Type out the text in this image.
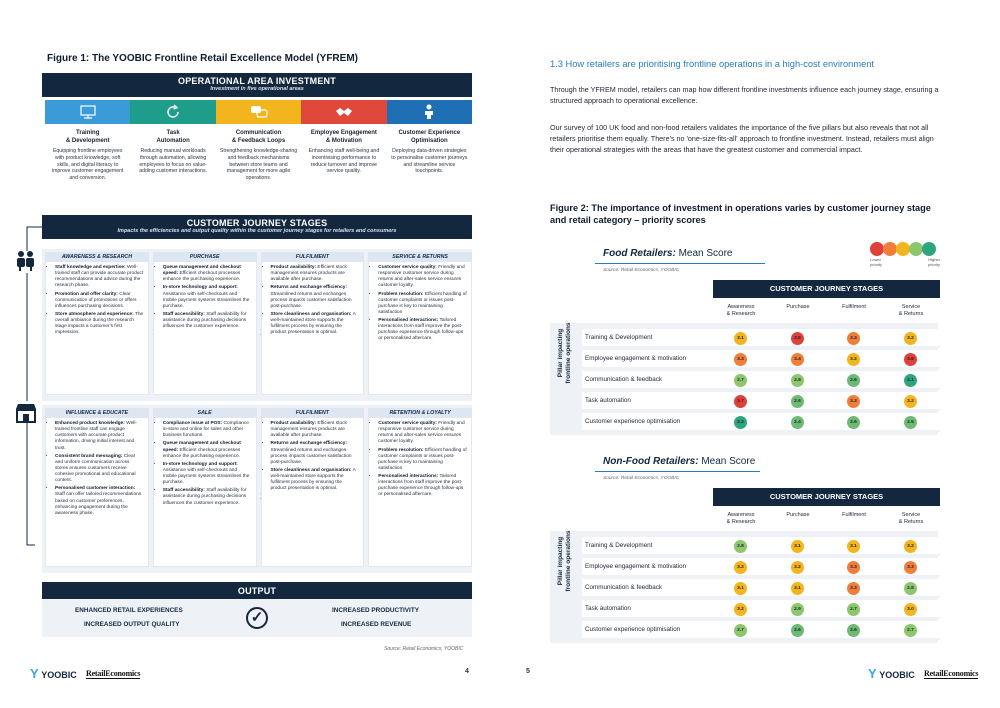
Figure 1: The YOOBIC Frontline Retail Excellence Model (YFREM)
OPERATIONAL AREA INVESTMENT
Investment in five operational areas
Training
& Development
Equipping frontline employees with product knowledge, soft skills, and digital literacy to improve customer engagement and conversion.
Task
Automation
Reducing manual workloads through automation, allowing employees to focus on value-adding customer interactions.
Communication
& Feedback Loops
Strengthening knowledge-sharing and feedback mechanisms between store teams and management for more agile operations.
Employee Engagement
& Motivation
Enhancing staff well-being and incentivising performance to reduce turnover and improve service quality.
Customer Experience
Optimisation
Deploying data-driven strategies to personalise customer journeys and streamline service touchpoints.
CUSTOMER JOURNEY STAGES
Impacts the efficiencies and output quality within the customer journey stages for retailers and consumers
AWARENESS & RESEARCH
• Staff knowledge and expertise: Well-trained staff can provide accurate product recommendations and advice during the research phase.
• Promotion and offer clarity: Clear communication of promotions or offers influences purchasing decisions.
• Store atmosphere and experience: The overall ambiance during the research stage impacts a customer's first impression.
PURCHASE
• Queue management and checkout speed: Efficient checkout processes enhance the purchasing experience.
• In-store technology and support: Assistance with self-checkouts and mobile payment systems streamlines the purchase.
• Staff accessibility: Staff availability for assistance during purchasing decisions influences the customer experience.
FULFILMENT
• Product availability: Efficient stock management ensures products are available after purchase.
• Returns and exchange efficiency: Streamlined returns and exchanges process impacts customer satisfaction post-purchase.
• Store cleanliness and organisation: A well-maintained store supports the fulfilment process by ensuring the product presentation is optimal.
SERVICE & RETURNS
• Customer service quality: Friendly and responsive customer service during returns and after-sales service ensures customer loyalty.
• Problem resolution: Efficient handling of customer complaints or issues post-purchase is key to maintaining satisfaction
• Personalised interactions: Tailored interactions from staff improve the post-purchase experience through follow-ups or personalised aftercare.
INFLUENCE & EDUCATE
• Enhanced product knowledge: Well-trained frontline staff can engage customers with accurate product information, driving initial interest and trust.
• Consistent brand messaging: Clear and uniform communication across stores ensures customers receive cohesive promotional and educational content.
• Personalised customer interaction: Staff can offer tailored recommendations based on customer preferences, enhancing engagement during the awareness phase.
SALE
• Compliance issue at POS: Compliance in-store and online for sales and other business functions
• Queue management and checkout speed: Efficient checkout processes enhance the purchasing experience.
• In-store technology and support: Assistance with self-checkouts and mobile payment systems streamlines the purchase.
• Staff accessibility: Staff availability for assistance during purchasing decisions influences the customer experience.
FULFILMENT
• Product availability: Efficient stock management ensures products are available after purchase.
• Returns and exchange efficiency: Streamlined returns and exchanges process impacts customer satisfaction post-purchase.
• Store cleanliness and organisation: A well-maintained store supports the fulfilment process by ensuring the product presentation is optimal.
RETENTION & LOYALTY
• Customer service quality: Friendly and responsive customer service during returns and after-sales service ensures customer loyalty.
• Problem resolution: Efficient handling of customer complaints or issues post-purchase is key to maintaining satisfaction
• Personalised interactions: Tailored interactions from staff improve the post-purchase experience through follow-ups or personalised aftercare.
OUTPUT
ENHANCED RETAIL EXPERIENCES
INCREASED OUTPUT QUALITY
INCREASED PRODUCTIVITY
INCREASED REVENUE
✓
Source: Retail Economics, YOOBIC
Y YOOBIC RetailEconomics	4
1.3 How retailers are prioritising frontline operations in a high-cost environment
Through the YFREM model, retailers can map how different frontline investments influence each journey stage, ensuring a structured approach to operational excellence.
Our survey of 100 UK food and non-food retailers validates the importance of the five pillars but also reveals that not all retailers prioritise them equally. There's no 'one-size-fits-all' approach to frontline investment. Instead, retailers must align their operational strategies with the areas that have the greatest customer and commercial impact.
Figure 2: The importance of investment in operations varies by customer journey stage and retail category – priority scores
Lower
priority
Higher
priority
Food Retailers: Mean Score
Source: Retail Economics, YOOBIC
CUSTOMER JOURNEY STAGES
Pillar impacting
frontline operations
Awareness
& Research
Purchase	Fulfilment	Service
& Returns
Training & Development	3.1	3.8	3.3	3.2
Employee engagement & motivation	3.3	3.4	3.2	3.8
Communication & feedback	2.7	2.8	2.6	2.1
Task automation	3.7	2.6	3.3	3.2
Customer experience optimisation	2.2	2.4	2.6	2.5
Non-Food Retailers: Mean Score
Source: Retail Economics, YOOBIC
CUSTOMER JOURNEY STAGES
Pillar impacting
frontline operations
Awareness
& Research
Purchase	Fulfilment	Service
& Returns
Training & Development	2.8	3.1	3.1	3.2
Employee engagement & motivation	3.2	3.2	3.3	3.3
Communication & feedback	3.1	3.1	3.3	2.8
Task automation	3.2	2.9	2.7	3.0
Customer experience optimisation	2.7	2.6	2.6	2.7
5	Y YOOBIC RetailEconomics
